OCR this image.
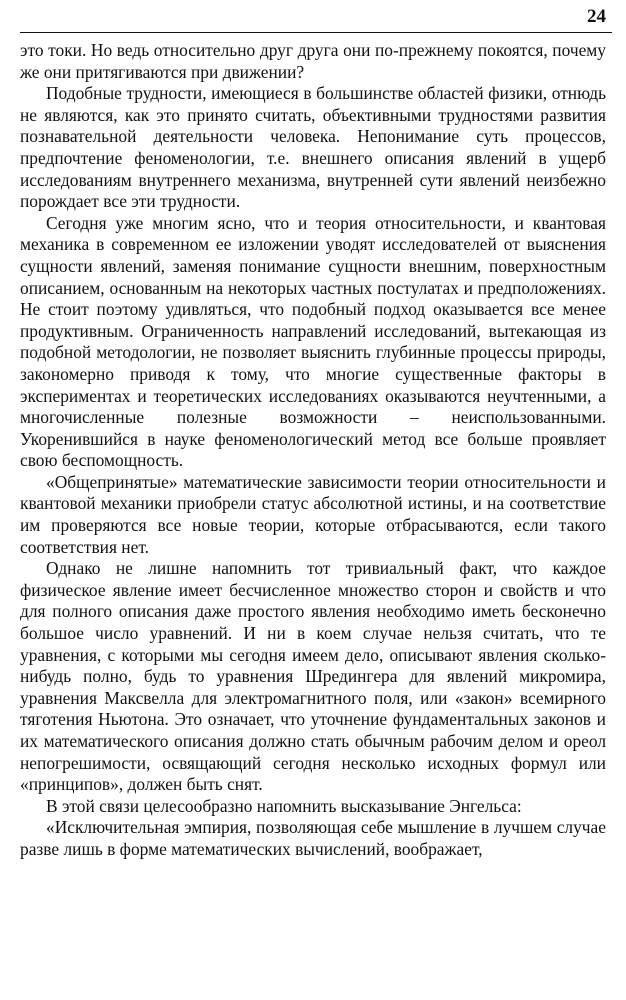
24

это токи. Но ведь относительно друг друга они по-прежнему покоятся, почему же они притягиваются при движении?

Подобные трудности, имеющиеся в большинстве областей физики, отнюдь не являются, как это принято считать, объективными трудностями развития познавательной деятельности человека. Непонимание суть процессов, предпочтение феноменологии, т.е. внешнего описания явлений в ущерб исследованиям внутреннего механизма, внутренней сути явлений неизбежно порождает все эти трудности.

Сегодня уже многим ясно, что и теория относительности, и квантовая механика в современном ее изложении уводят исследователей от выяснения сущности явлений, заменяя понимание сущности внешним, поверхностным описанием, основанным на некоторых частных постулатах и предположениях. Не стоит поэтому удивляться, что подобный подход оказывается все менее продуктивным. Ограниченность направлений исследований, вытекающая из подобной методологии, не позволяет выяснить глубинные процессы природы, закономерно приводя к тому, что многие существенные факторы в экспериментах и теоретических исследованиях оказываются неучтенными, а многочисленные полезные возможности – неиспользованными. Укоренившийся в науке феноменологический метод все больше проявляет свою беспомощность.

«Общепринятые» математические зависимости теории относительности и квантовой механики приобрели статус абсолютной истины, и на соответствие им проверяются все новые теории, которые отбрасываются, если такого соответствия нет.

Однако не лишне напомнить тот тривиальный факт, что каждое физическое явление имеет бесчисленное множество сторон и свойств и что для полного описания даже простого явления необходимо иметь бесконечно большое число уравнений. И ни в коем случае нельзя считать, что те уравнения, с которыми мы сегодня имеем дело, описывают явления сколько-нибудь полно, будь то уравнения Шредингера для явлений микромира, уравнения Максвелла для электромагнитного поля, или «закон» всемирного тяготения Ньютона. Это означает, что уточнение фундаментальных законов и их математического описания должно стать обычным рабочим делом и ореол непогрешимости, освящающий сегодня несколько исходных формул или «принципов», должен быть снят.

В этой связи целесообразно напомнить высказывание Энгельса:

«Исключительная эмпирия, позволяющая себе мышление в лучшем случае разве лишь в форме математических вычислений, воображает,
